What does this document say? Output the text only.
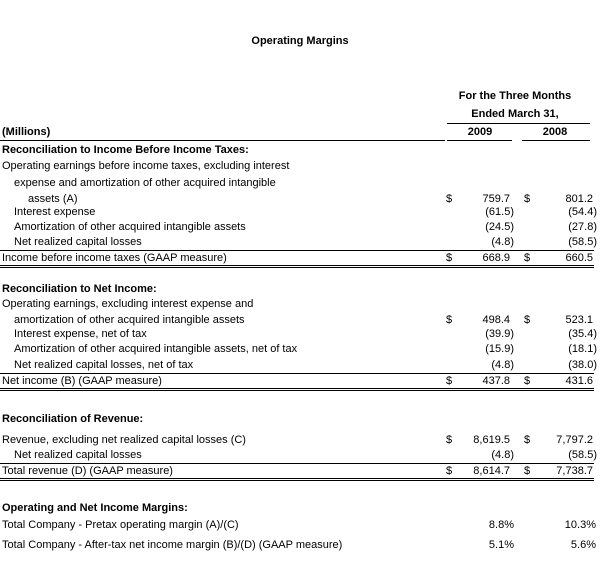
Operating Margins
For the Three Months
Ended March 31,
2009	2008
(Millions)
Reconciliation to Income Before Income Taxes:
Operating earnings before income taxes, excluding interest
expense and amortization of other acquired intangible
assets (A)	$	759.7 $	801.2
Interest expense	(61.5)	(54.4)
Amortization of other acquired intangible assets	(24.5)	(27.8)
Net realized capital losses	(4.8)	(58.5)
Income before income taxes (GAAP measure)	$	668.9 $	660.5
Reconciliation to Net Income:
Operating earnings, excluding interest expense and
amortization of other acquired intangible assets	$	498.4 $	523.1
Interest expense, net of tax	(39.9)	(35.4)
Amortization of other acquired intangible assets, net of tax	(15.9)	(18.1)
Net realized capital losses, net of tax	(4.8)	(38.0)
Net income (B) (GAAP measure)	$	437.8 $	431.6
Reconciliation of Revenue:
Revenue, excluding net realized capital losses (C)	$	8,619.5 $	7,797.2
Net realized capital losses	(4.8)	(58.5)
Total revenue (D) (GAAP measure)	$	8,614.7 $	7,738.7
Operating and Net Income Margins:
Total Company - Pretax operating margin (A)/(C)	8.8%	10.3%
Total Company - After-tax net income margin (B)/(D) (GAAP measure)	5.1%	5.6%
